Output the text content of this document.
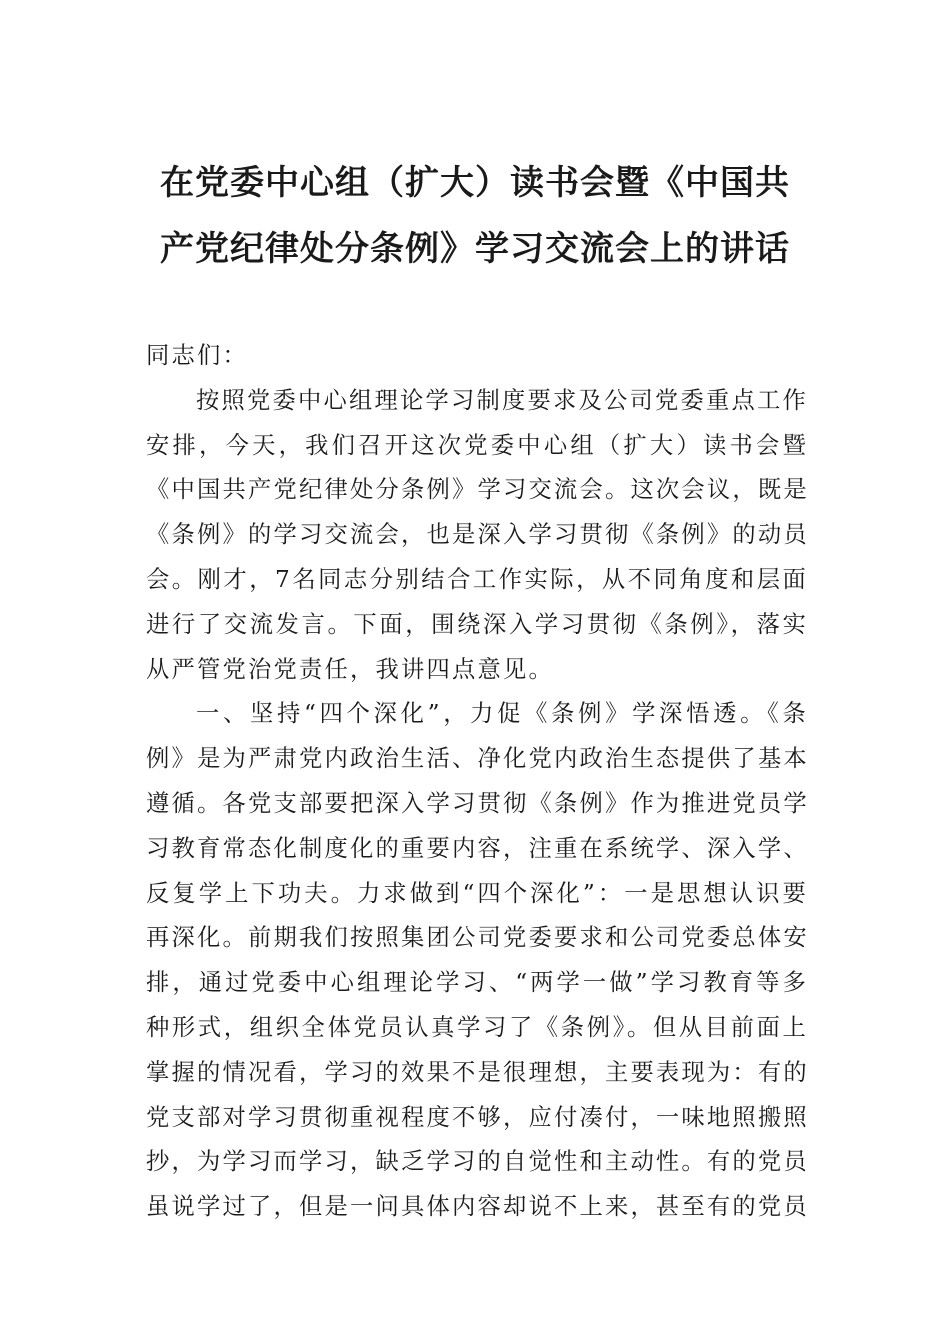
在党委中心组（扩大）读书会暨《中国共
产党纪律处分条例》学习交流会上的讲话
同志们：
按照党委中心组理论学习制度要求及公司党委重点工作
安排，今天，我们召开这次党委中心组（扩大）读书会暨
《中国共产党纪律处分条例》学习交流会。这次会议，既是
《条例》的学习交流会，也是深入学习贯彻《条例》的动员
会。刚才，7名同志分别结合工作实际，从不同角度和层面
进行了交流发言。下面，围绕深入学习贯彻《条例》，落实
从严管党治党责任，我讲四点意见。
一、坚持“四个深化”，力促《条例》学深悟透。《条
例》是为严肃党内政治生活、净化党内政治生态提供了基本
遵循。各党支部要把深入学习贯彻《条例》作为推进党员学
习教育常态化制度化的重要内容，注重在系统学、深入学、
反复学上下功夫。力求做到“四个深化”：一是思想认识要
再深化。前期我们按照集团公司党委要求和公司党委总体安
排，通过党委中心组理论学习、“两学一做”学习教育等多
种形式，组织全体党员认真学习了《条例》。但从目前面上
掌握的情况看，学习的效果不是很理想，主要表现为：有的
党支部对学习贯彻重视程度不够，应付凑付，一味地照搬照
抄，为学习而学习，缺乏学习的自觉性和主动性。有的党员
虽说学过了，但是一问具体内容却说不上来，甚至有的党员
